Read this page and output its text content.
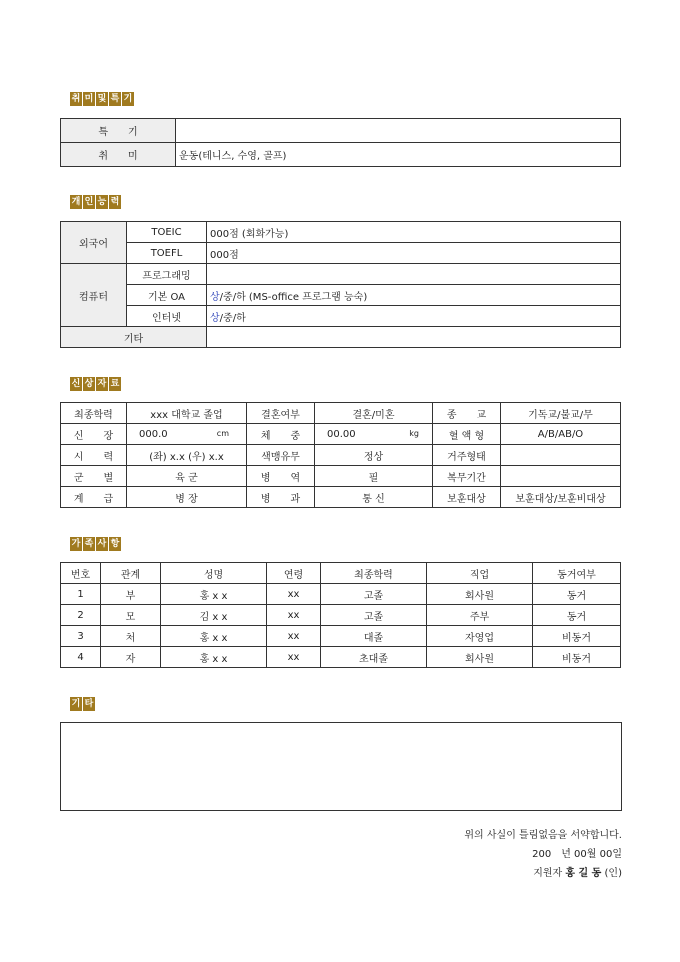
취 미 및 특 기
특　　기	
취　　미	운동(테니스, 수영, 골프)
개 인 능 력
외국어	TOEIC	000점 (회화가능)
	TOEFL	000점
컴퓨터	프로그래밍	
	기본 OA	상/중/하 (MS-office 프로그램 능숙)
	인터넷	상/중/하
기타		
신 상 자 료
최종학력	xxx 대학교 졸업	결혼여부	결혼/미혼	종　　교	기독교/불교/무
신　　장	000.0 cm	체　　중	00.00 kg	혈 액 형	A/B/AB/O
시　　력	(좌) x.x (우) x.x	색맹유무	정상	거주형태	
군　　별	육 군	병　　역	필	복무기간	
계　　급	병 장	병　　과	통 신	보훈대상	보훈대상/보훈비대상
가 족 사 항
번호	관계	성명	연령	최종학력	직업	동거여부
1	부	홍 x x	xx	고졸	회사원	동거
2	모	김 x x	xx	고졸	주부	동거
3	처	홍 x x	xx	대졸	자영업	비동거
4	자	홍 x x	xx	초대졸	회사원	비동거
기 타
위의 사실이 틀림없음을 서약합니다.
200　년 00월 00일
지원자 홍 길 동 (인)
